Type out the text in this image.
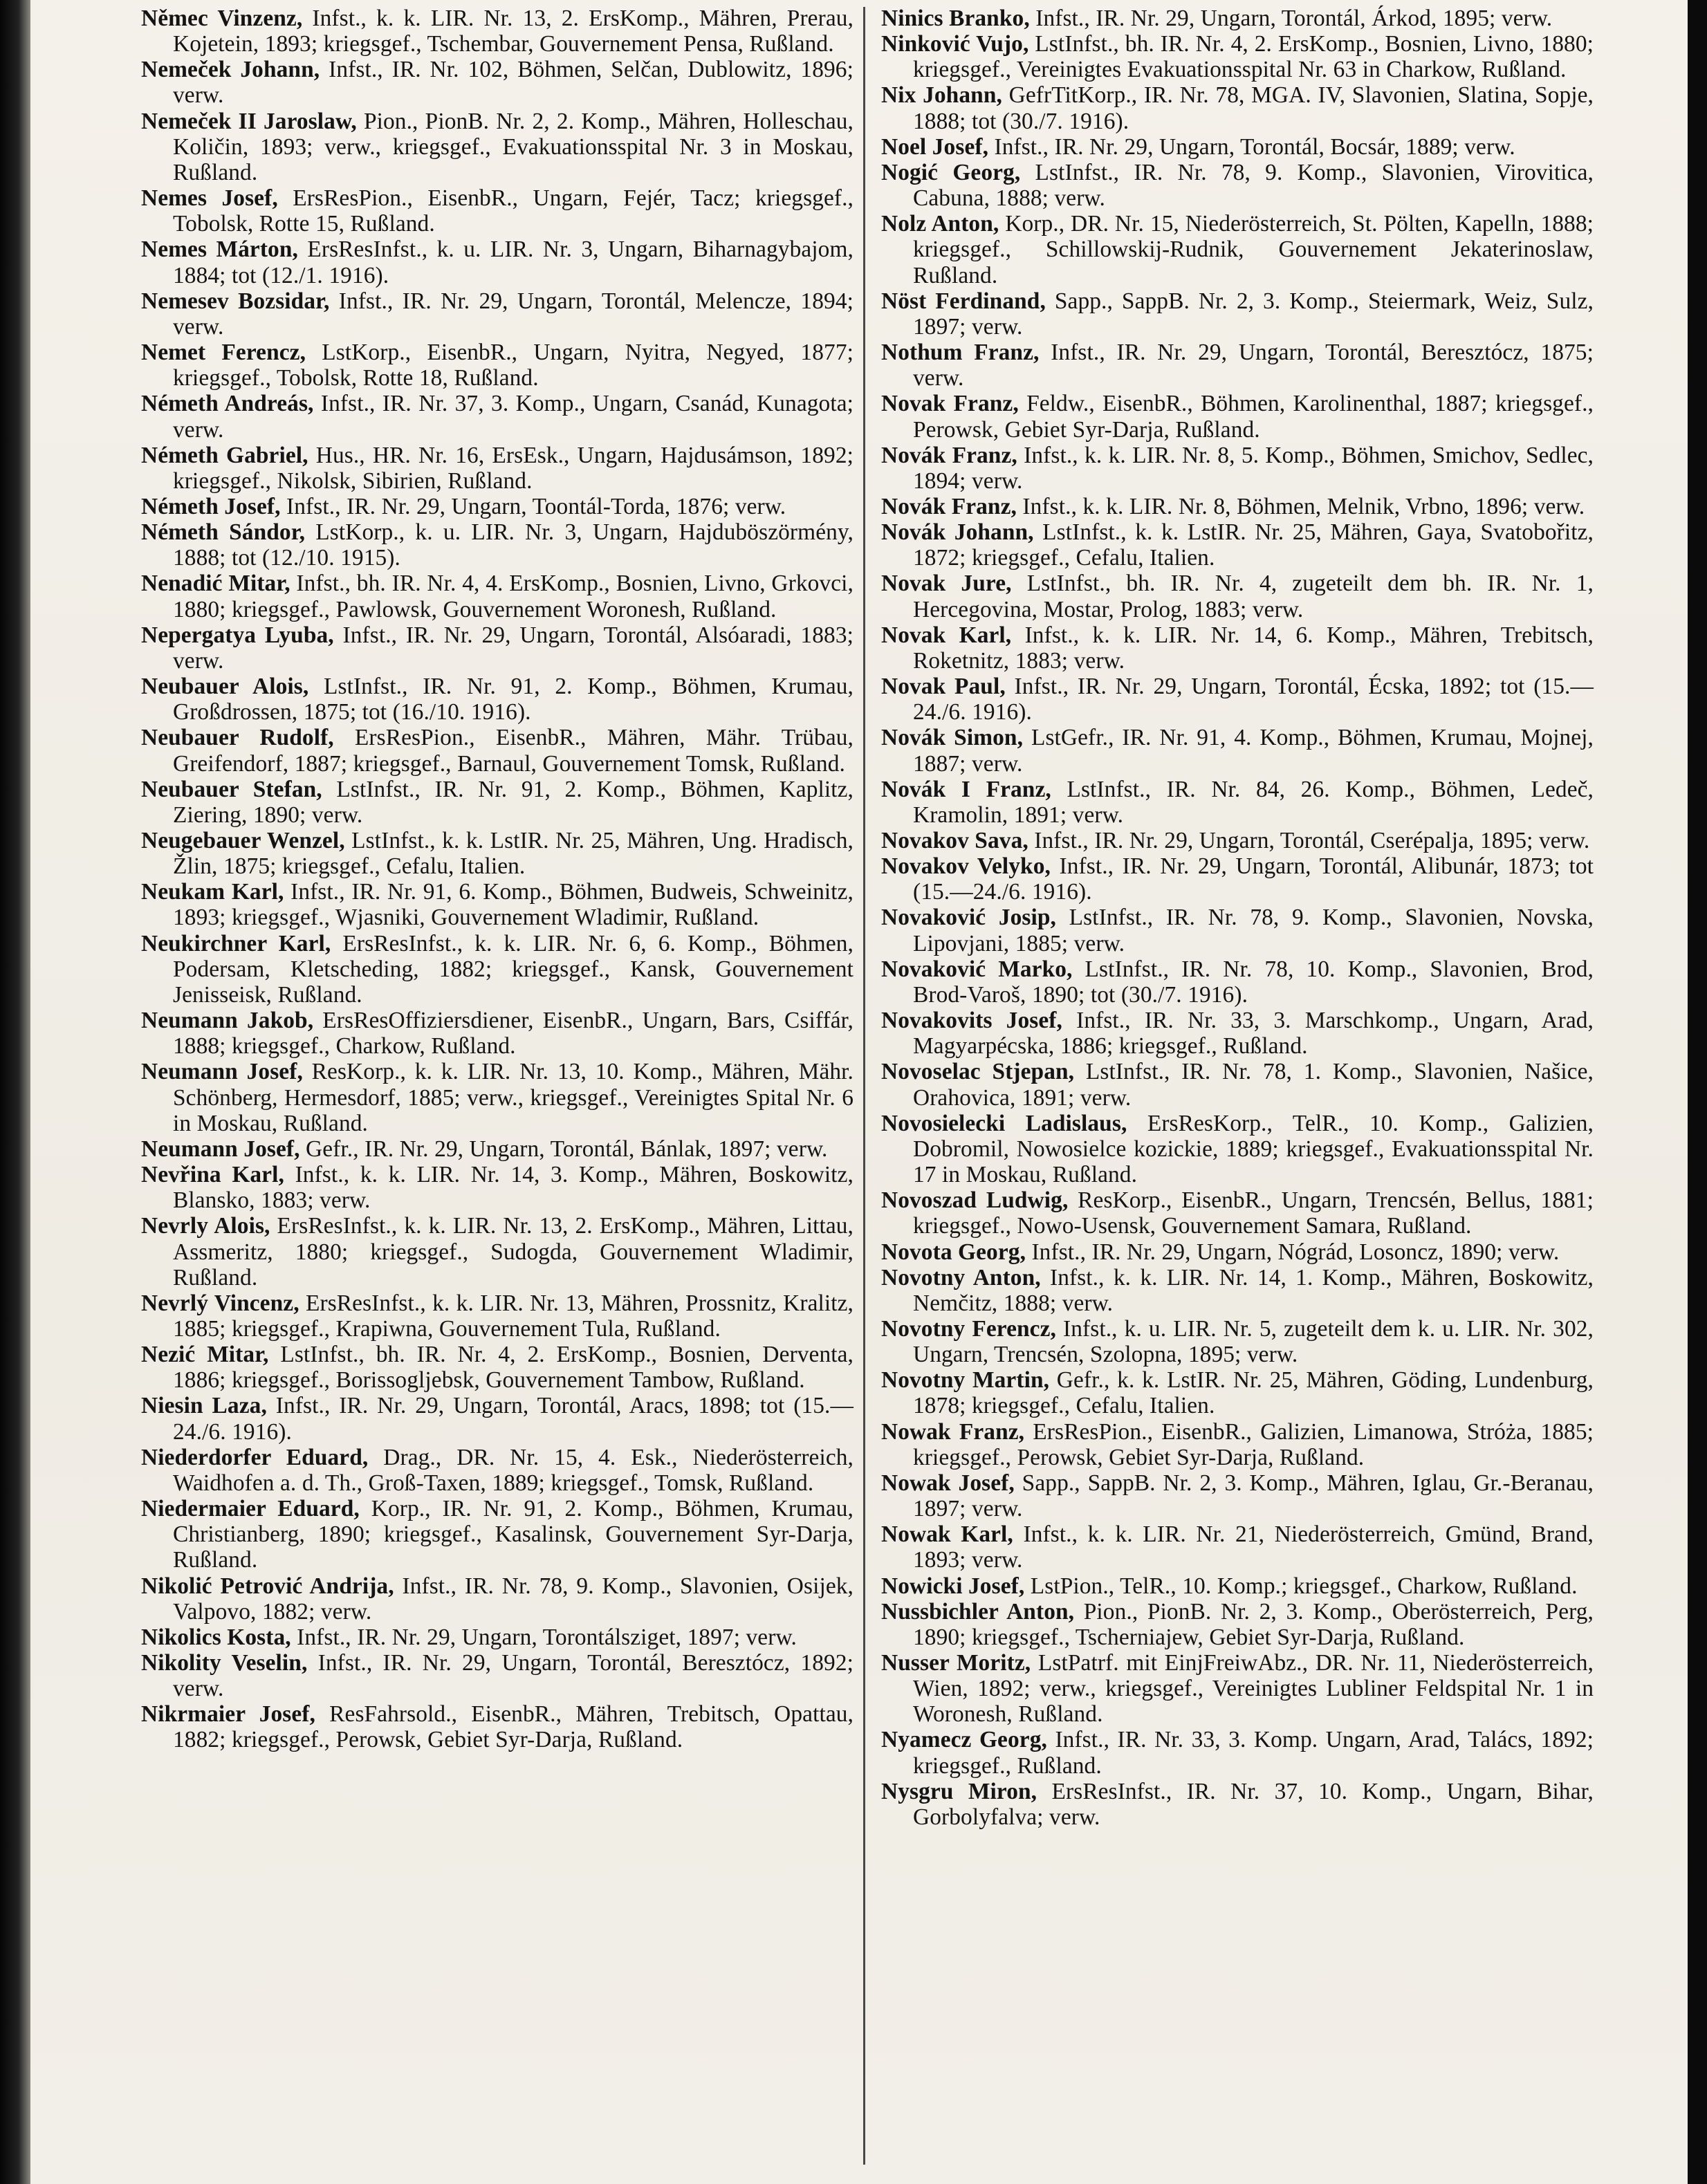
Němec Vinzenz, Infst., k. k. LIR. Nr. 13, 2. ErsKomp., Mähren, Prerau, Kojetein, 1893; kriegsgef., Tschembar, Gouvernement Pensa, Rußland.

Nemeček Johann, Infst., IR. Nr. 102, Böhmen, Selčan, Dublowitz, 1896; verw.

Nemeček II Jaroslaw, Pion., PionB. Nr. 2, 2. Komp., Mähren, Holleschau, Količin, 1893; verw., kriegsgef., Evakuationsspital Nr. 3 in Moskau, Rußland.

Nemes Josef, ErsResPion., EisenbR., Ungarn, Fejér, Tacz; kriegsgef., Tobolsk, Rotte 15, Rußland.

Nemes Márton, ErsResInfst., k. u. LIR. Nr. 3, Ungarn, Biharnagybajom, 1884; tot (12./1. 1916).

Nemesev Bozsidar, Infst., IR. Nr. 29, Ungarn, Torontál, Melencze, 1894; verw.

Nemet Ferencz, LstKorp., EisenbR., Ungarn, Nyitra, Negyed, 1877; kriegsgef., Tobolsk, Rotte 18, Rußland.

Németh Andreás, Infst., IR. Nr. 37, 3. Komp., Ungarn, Csanád, Kunagota; verw.

Németh Gabriel, Hus., HR. Nr. 16, ErsEsk., Ungarn, Hajdusámson, 1892; kriegsgef., Nikolsk, Sibirien, Rußland.

Németh Josef, Infst., IR. Nr. 29, Ungarn, Toontál-Torda, 1876; verw.

Németh Sándor, LstKorp., k. u. LIR. Nr. 3, Ungarn, Hajduböszörmény, 1888; tot (12./10. 1915).

Nenadić Mitar, Infst., bh. IR. Nr. 4, 4. ErsKomp., Bosnien, Livno, Grkovci, 1880; kriegsgef., Pawlowsk, Gouvernement Woronesh, Rußland.

Nepergatya Lyuba, Infst., IR. Nr. 29, Ungarn, Torontál, Alsóaradi, 1883; verw.

Neubauer Alois, LstInfst., IR. Nr. 91, 2. Komp., Böhmen, Krumau, Großdrossen, 1875; tot (16./10. 1916).

Neubauer Rudolf, ErsResPion., EisenbR., Mähren, Mähr. Trübau, Greifendorf, 1887; kriegsgef., Barnaul, Gouvernement Tomsk, Rußland.

Neubauer Stefan, LstInfst., IR. Nr. 91, 2. Komp., Böhmen, Kaplitz, Ziering, 1890; verw.

Neugebauer Wenzel, LstInfst., k. k. LstIR. Nr. 25, Mähren, Ung. Hradisch, Žlin, 1875; kriegsgef., Cefalu, Italien.

Neukam Karl, Infst., IR. Nr. 91, 6. Komp., Böhmen, Budweis, Schweinitz, 1893; kriegsgef., Wjasniki, Gouvernement Wladimir, Rußland.

Neukirchner Karl, ErsResInfst., k. k. LIR. Nr. 6, 6. Komp., Böhmen, Podersam, Kletscheding, 1882; kriegsgef., Kansk, Gouvernement Jenisseisk, Rußland.

Neumann Jakob, ErsResOffiziersdiener, EisenbR., Ungarn, Bars, Csiffár, 1888; kriegsgef., Charkow, Rußland.

Neumann Josef, ResKorp., k. k. LIR. Nr. 13, 10. Komp., Mähren, Mähr. Schönberg, Hermesdorf, 1885; verw., kriegsgef., Vereinigtes Spital Nr. 6 in Moskau, Rußland.

Neumann Josef, Gefr., IR. Nr. 29, Ungarn, Torontál, Bánlak, 1897; verw.

Nevřina Karl, Infst., k. k. LIR. Nr. 14, 3. Komp., Mähren, Boskowitz, Blansko, 1883; verw.

Nevrly Alois, ErsResInfst., k. k. LIR. Nr. 13, 2. ErsKomp., Mähren, Littau, Assmeritz, 1880; kriegsgef., Sudogda, Gouvernement Wladimir, Rußland.

Nevrlý Vincenz, ErsResInfst., k. k. LIR. Nr. 13, Mähren, Prossnitz, Kralitz, 1885; kriegsgef., Krapiwna, Gouvernement Tula, Rußland.

Nezić Mitar, LstInfst., bh. IR. Nr. 4, 2. ErsKomp., Bosnien, Derventa, 1886; kriegsgef., Borissogljebsk, Gouvernement Tambow, Rußland.

Niesin Laza, Infst., IR. Nr. 29, Ungarn, Torontál, Aracs, 1898; tot (15.—24./6. 1916).

Niederdorfer Eduard, Drag., DR. Nr. 15, 4. Esk., Niederösterreich, Waidhofen a. d. Th., Groß-Taxen, 1889; kriegsgef., Tomsk, Rußland.

Niedermaier Eduard, Korp., IR. Nr. 91, 2. Komp., Böhmen, Krumau, Christianberg, 1890; kriegsgef., Kasalinsk, Gouvernement Syr-Darja, Rußland.

Nikolić Petrović Andrija, Infst., IR. Nr. 78, 9. Komp., Slavonien, Osijek, Valpovo, 1882; verw.

Nikolics Kosta, Infst., IR. Nr. 29, Ungarn, Torontálsziget, 1897; verw.

Nikolity Veselin, Infst., IR. Nr. 29, Ungarn, Torontál, Beresztócz, 1892; verw.

Nikrmaier Josef, ResFahrsold., EisenbR., Mähren, Trebitsch, Opattau, 1882; kriegsgef., Perowsk, Gebiet Syr-Darja, Rußland.

Ninics Branko, Infst., IR. Nr. 29, Ungarn, Torontál, Árkod, 1895; verw.

Ninković Vujo, LstInfst., bh. IR. Nr. 4, 2. ErsKomp., Bosnien, Livno, 1880; kriegsgef., Vereinigtes Evakuationsspital Nr. 63 in Charkow, Rußland.

Nix Johann, GefrTitKorp., IR. Nr. 78, MGA. IV, Slavonien, Slatina, Sopje, 1888; tot (30./7. 1916).

Noel Josef, Infst., IR. Nr. 29, Ungarn, Torontál, Bocsár, 1889; verw.

Nogić Georg, LstInfst., IR. Nr. 78, 9. Komp., Slavonien, Virovitica, Cabuna, 1888; verw.

Nolz Anton, Korp., DR. Nr. 15, Niederösterreich, St. Pölten, Kapelln, 1888; kriegsgef., Schillowskij-Rudnik, Gouvernement Jekaterinoslaw, Rußland.

Nöst Ferdinand, Sapp., SappB. Nr. 2, 3. Komp., Steiermark, Weiz, Sulz, 1897; verw.

Nothum Franz, Infst., IR. Nr. 29, Ungarn, Torontál, Beresztócz, 1875; verw.

Novak Franz, Feldw., EisenbR., Böhmen, Karolinenthal, 1887; kriegsgef., Perowsk, Gebiet Syr-Darja, Rußland.

Novák Franz, Infst., k. k. LIR. Nr. 8, 5. Komp., Böhmen, Smichov, Sedlec, 1894; verw.

Novák Franz, Infst., k. k. LIR. Nr. 8, Böhmen, Melnik, Vrbno, 1896; verw.

Novák Johann, LstInfst., k. k. LstIR. Nr. 25, Mähren, Gaya, Svatobořitz, 1872; kriegsgef., Cefalu, Italien.

Novak Jure, LstInfst., bh. IR. Nr. 4, zugeteilt dem bh. IR. Nr. 1, Hercegovina, Mostar, Prolog, 1883; verw.

Novak Karl, Infst., k. k. LIR. Nr. 14, 6. Komp., Mähren, Trebitsch, Roketnitz, 1883; verw.

Novak Paul, Infst., IR. Nr. 29, Ungarn, Torontál, Écska, 1892; tot (15.—24./6. 1916).

Novák Simon, LstGefr., IR. Nr. 91, 4. Komp., Böhmen, Krumau, Mojnej, 1887; verw.

Novák I Franz, LstInfst., IR. Nr. 84, 26. Komp., Böhmen, Ledeč, Kramolin, 1891; verw.

Novakov Sava, Infst., IR. Nr. 29, Ungarn, Torontál, Cserépalja, 1895; verw.

Novakov Velyko, Infst., IR. Nr. 29, Ungarn, Torontál, Alibunár, 1873; tot (15.—24./6. 1916).

Novaković Josip, LstInfst., IR. Nr. 78, 9. Komp., Slavonien, Novska, Lipovjani, 1885; verw.

Novaković Marko, LstInfst., IR. Nr. 78, 10. Komp., Slavonien, Brod, Brod-Varoš, 1890; tot (30./7. 1916).

Novakovits Josef, Infst., IR. Nr. 33, 3. Marschkomp., Ungarn, Arad, Magyarpécska, 1886; kriegsgef., Rußland.

Novoselac Stjepan, LstInfst., IR. Nr. 78, 1. Komp., Slavonien, Našice, Orahovica, 1891; verw.

Novosielecki Ladislaus, ErsResKorp., TelR., 10. Komp., Galizien, Dobromil, Nowosielce kozickie, 1889; kriegsgef., Evakuationsspital Nr. 17 in Moskau, Rußland.

Novoszad Ludwig, ResKorp., EisenbR., Ungarn, Trencsén, Bellus, 1881; kriegsgef., Nowo-Usensk, Gouvernement Samara, Rußland.

Novota Georg, Infst., IR. Nr. 29, Ungarn, Nógrád, Losoncz, 1890; verw.

Novotny Anton, Infst., k. k. LIR. Nr. 14, 1. Komp., Mähren, Boskowitz, Nemčitz, 1888; verw.

Novotny Ferencz, Infst., k. u. LIR. Nr. 5, zugeteilt dem k. u. LIR. Nr. 302, Ungarn, Trencsén, Szolopna, 1895; verw.

Novotny Martin, Gefr., k. k. LstIR. Nr. 25, Mähren, Göding, Lundenburg, 1878; kriegsgef., Cefalu, Italien.

Nowak Franz, ErsResPion., EisenbR., Galizien, Limanowa, Stróża, 1885; kriegsgef., Perowsk, Gebiet Syr-Darja, Rußland.

Nowak Josef, Sapp., SappB. Nr. 2, 3. Komp., Mähren, Iglau, Gr.-Beranau, 1897; verw.

Nowak Karl, Infst., k. k. LIR. Nr. 21, Niederösterreich, Gmünd, Brand, 1893; verw.

Nowicki Josef, LstPion., TelR., 10. Komp.; kriegsgef., Charkow, Rußland.

Nussbichler Anton, Pion., PionB. Nr. 2, 3. Komp., Oberösterreich, Perg, 1890; kriegsgef., Tscherniajew, Gebiet Syr-Darja, Rußland.

Nusser Moritz, LstPatrf. mit EinjFreiwAbz., DR. Nr. 11, Niederösterreich, Wien, 1892; verw., kriegsgef., Vereinigtes Lubliner Feldspital Nr. 1 in Woronesh, Rußland.

Nyamecz Georg, Infst., IR. Nr. 33, 3. Komp. Ungarn, Arad, Talács, 1892; kriegsgef., Rußland.

Nysgru Miron, ErsResInfst., IR. Nr. 37, 10. Komp., Ungarn, Bihar, Gorbolyfalva; verw.
